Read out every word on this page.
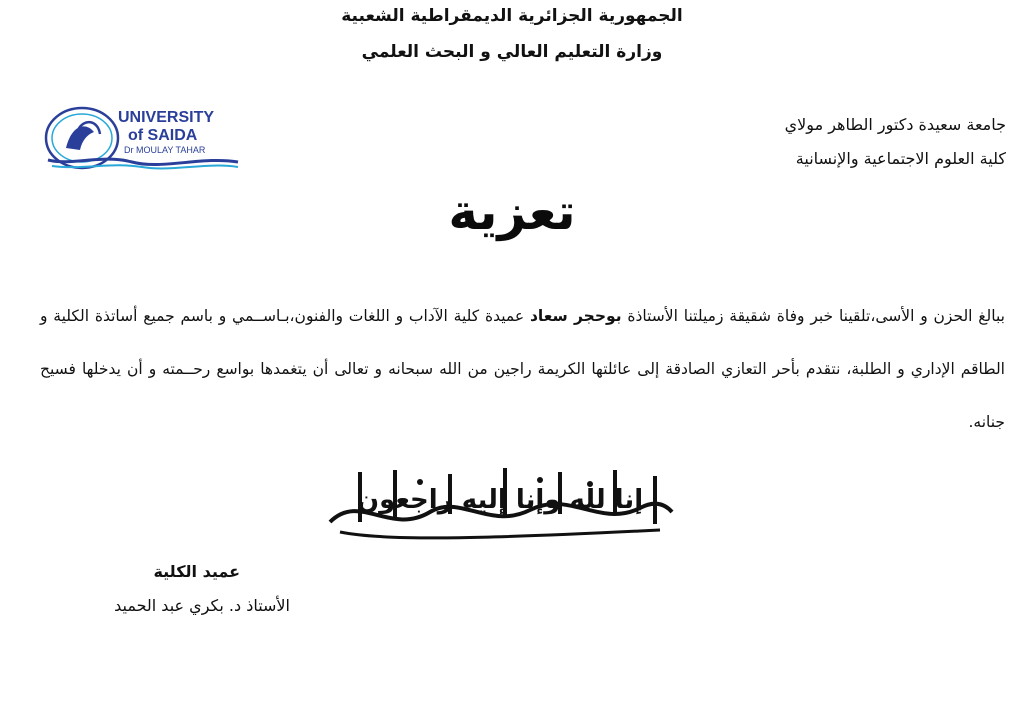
الجمهورية الجزائرية الديمقراطية الشعبية
وزارة التعليم العالي و البحث العلمي
UNIVERSITY
of SAIDA
Dr MOULAY TAHAR
جامعة سعيدة دكتور الطاهر مولاي
كلية العلوم الاجتماعية والإنسانية
تعزية
ببالغ الحزن و الأسى،تلقينا خبر وفاة شقيقة زميلتنا الأستاذة بوحجر سعاد عميدة كلية الآداب و اللغات والفنون،بـاســمي و باسم جميع أساتذة الكلية و الطاقم الإداري و الطلبة، نتقدم بأحر التعازي الصادقة إلى عائلتها الكريمة راجين من الله سبحانه و تعالى أن يتغمدها بواسع رحــمته و أن يدخلها فسيح جنانه.
إنا لله وإنا إليه راجعون
عميد الكلية
الأستاذ د. بكري عبد الحميد
